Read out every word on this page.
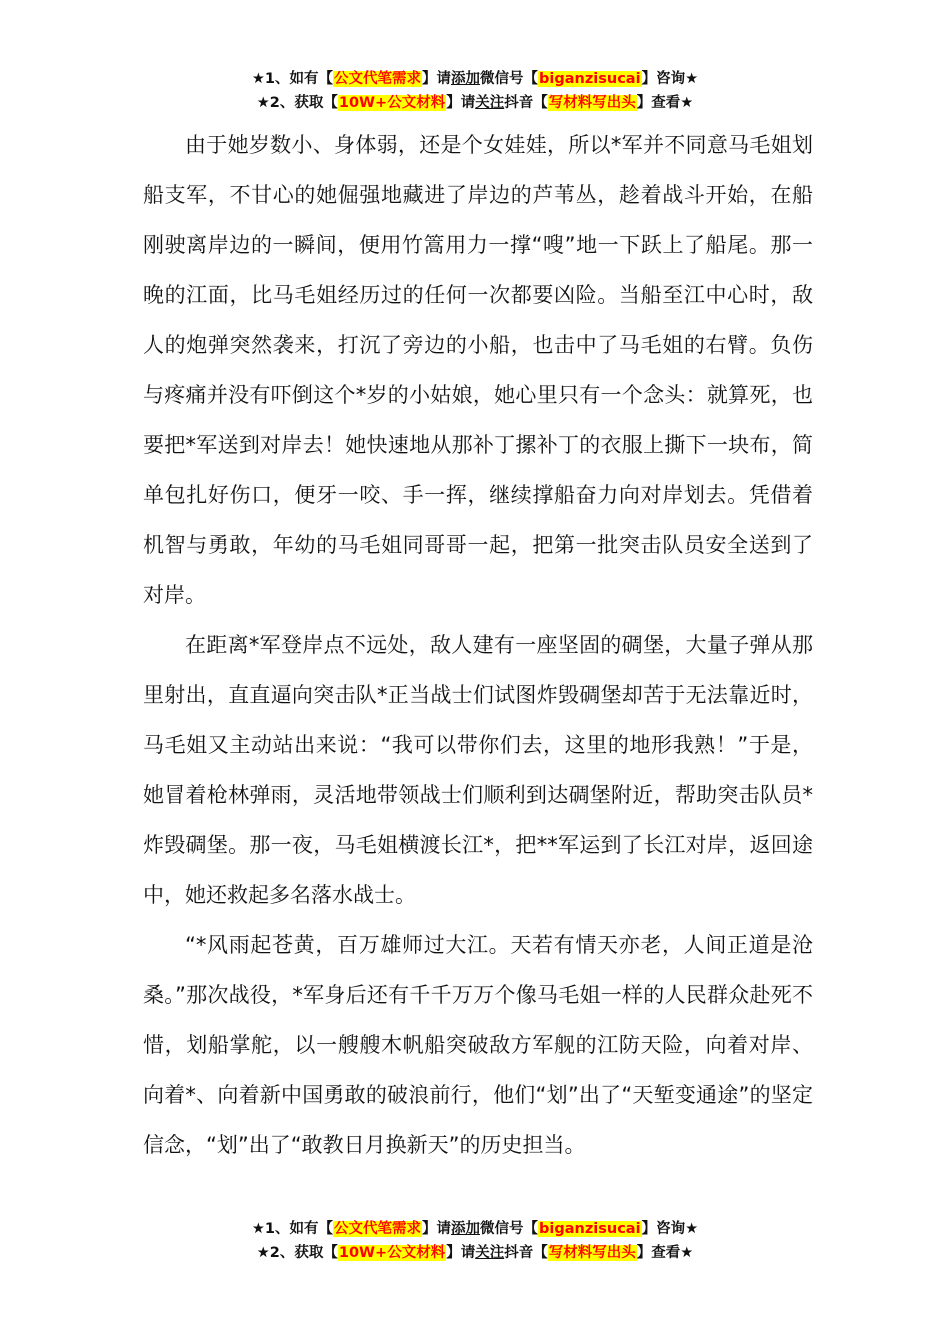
★1、如有【公文代笔需求】请添加微信号【biganzisucai】咨询★
★2、获取【10W+公文材料】请关注抖音【写材料写出头】查看★

由于她岁数小、身体弱，还是个女娃娃，所以*军并不同意马毛姐划船支军，不甘心的她倔强地藏进了岸边的芦苇丛，趁着战斗开始，在船刚驶离岸边的一瞬间，便用竹篙用力一撑“嗖”地一下跃上了船尾。那一晚的江面，比马毛姐经历过的任何一次都要凶险。当船至江中心时，敌人的炮弹突然袭来，打沉了旁边的小船，也击中了马毛姐的右臂。负伤与疼痛并没有吓倒这个*岁的小姑娘，她心里只有一个念头：就算死，也要把*军送到对岸去！她快速地从那补丁摞补丁的衣服上撕下一块布，简单包扎好伤口，便牙一咬、手一挥，继续撑船奋力向对岸划去。凭借着机智与勇敢，年幼的马毛姐同哥哥一起，把第一批突击队员安全送到了对岸。

在距离*军登岸点不远处，敌人建有一座坚固的碉堡，大量子弹从那里射出，直直逼向突击队*正当战士们试图炸毁碉堡却苦于无法靠近时，马毛姐又主动站出来说：“我可以带你们去，这里的地形我熟！”于是，她冒着枪林弹雨，灵活地带领战士们顺利到达碉堡附近，帮助突击队员*炸毁碉堡。那一夜，马毛姐横渡长江*，把**军运到了长江对岸，返回途中，她还救起多名落水战士。

“*风雨起苍黄，百万雄师过大江。天若有情天亦老，人间正道是沧桑。”那次战役，*军身后还有千千万万个像马毛姐一样的人民群众赴死不惜，划船掌舵，以一艘艘木帆船突破敌方军舰的江防天险，向着对岸、向着*、向着新中国勇敢的破浪前行，他们“划”出了“天堑变通途”的坚定信念，“划”出了“敢教日月换新天”的历史担当。

★1、如有【公文代笔需求】请添加微信号【biganzisucai】咨询★
★2、获取【10W+公文材料】请关注抖音【写材料写出头】查看★
